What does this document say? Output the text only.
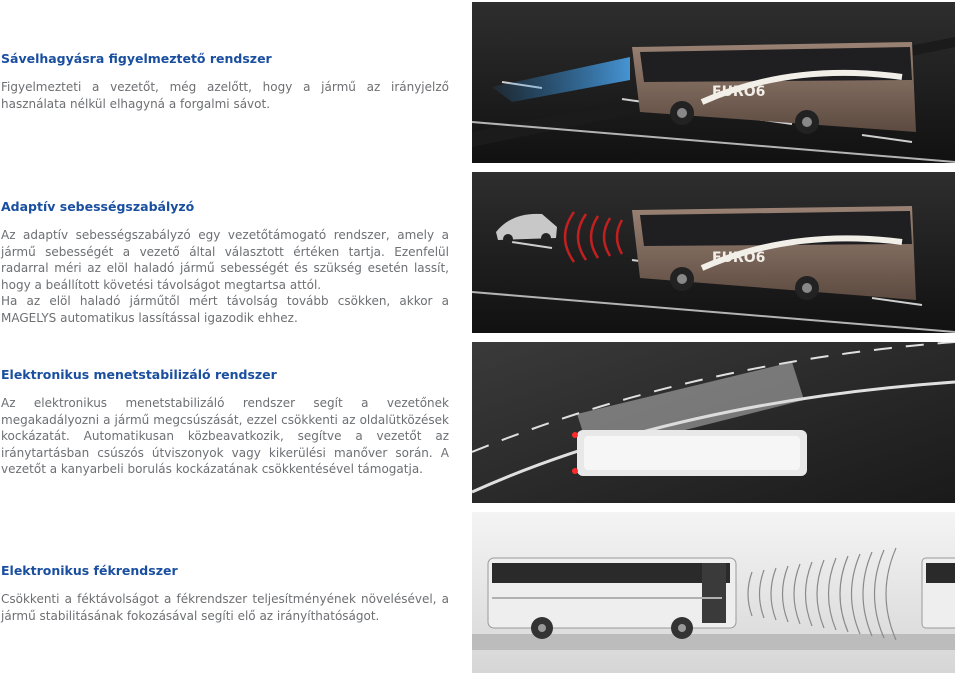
Sávelhagyásra figyelmeztető rendszer

Figyelmezteti a vezetőt, még azelőtt, hogy a jármű az irányjelző használata nélkül elhagyná a forgalmi sávot.

Adaptív sebességszabályzó

Az adaptív sebességszabályzó egy vezetőtámogató rendszer, amely a jármű sebességét a vezető által választott értéken tartja. Ezenfelül radarral méri az elöl haladó jármű sebességét és szükség esetén lassít, hogy a beállított követési távolságot megtartsa attól.

Ha az elöl haladó járműtől mért távolság tovább csökken, akkor a MAGELYS automatikus lassítással igazodik ehhez.

Elektronikus menetstabilizáló rendszer

Az elektronikus menetstabilizáló rendszer segít a vezetőnek megakadályozni a jármű megcsúszását, ezzel csökkenti az oldalütközések kockázatát. Automatikusan közbeavatkozik, segítve a vezetőt az iránytartásban csúszós útviszonyok vagy kikerülési manőver során. A vezetőt a kanyarbeli borulás kockázatának csökkentésével támogatja.

Elektronikus fékrendszer

Csökkenti a féktávolságot a fékrendszer teljesítményének növelésével, a jármű stabilitásának fokozásával segíti elő az irányíthatóságot.

EURO6
EURO6
